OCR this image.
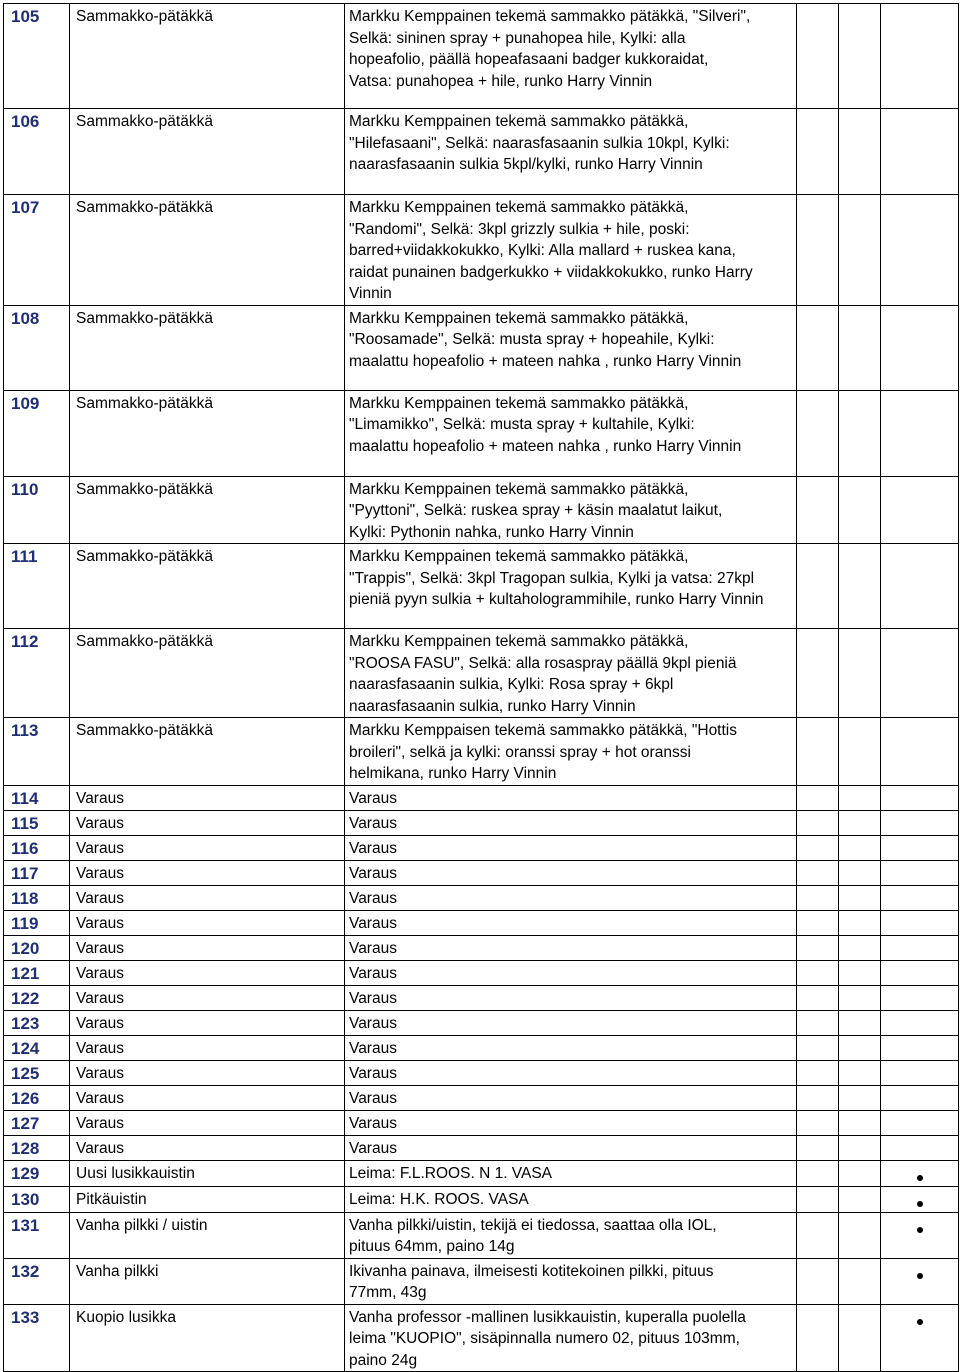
105	Sammakko-pätäkkä	Markku Kemppainen tekemä sammakko pätäkkä, "Silveri",
Selkä: sininen spray + punahopea hile, Kylki: alla
hopeafolio, päällä hopeafasaani badger kukkoraidat,
Vatsa: punahopea + hile, runko Harry Vinnin			

106	Sammakko-pätäkkä	Markku Kemppainen tekemä sammakko pätäkkä,
"Hilefasaani", Selkä: naarasfasaanin sulkia 10kpl, Kylki:
naarasfasaanin sulkia 5kpl/kylki, runko Harry Vinnin			

107	Sammakko-pätäkkä	Markku Kemppainen tekemä sammakko pätäkkä,
"Randomi", Selkä: 3kpl grizzly sulkia + hile, poski:
barred+viidakkokukko, Kylki: Alla mallard + ruskea kana,
raidat punainen badgerkukko + viidakkokukko, runko Harry
Vinnin			

108	Sammakko-pätäkkä	Markku Kemppainen tekemä sammakko pätäkkä,
"Roosamade", Selkä: musta spray + hopeahile, Kylki:
maalattu hopeafolio + mateen nahka , runko Harry Vinnin			

109	Sammakko-pätäkkä	Markku Kemppainen tekemä sammakko pätäkkä,
"Limamikko", Selkä: musta spray + kultahile, Kylki:
maalattu hopeafolio + mateen nahka , runko Harry Vinnin			

110	Sammakko-pätäkkä	Markku Kemppainen tekemä sammakko pätäkkä,
"Pyyttoni", Selkä: ruskea spray + käsin maalatut laikut,
Kylki: Pythonin nahka, runko Harry Vinnin			

111	Sammakko-pätäkkä	Markku Kemppainen tekemä sammakko pätäkkä,
"Trappis", Selkä: 3kpl Tragopan sulkia, Kylki ja vatsa: 27kpl
pieniä pyyn sulkia + kultahologrammihile, runko Harry Vinnin			

112	Sammakko-pätäkkä	Markku Kemppainen tekemä sammakko pätäkkä,
"ROOSA FASU", Selkä: alla rosaspray päällä 9kpl pieniä
naarasfasaanin sulkia, Kylki: Rosa spray + 6kpl
naarasfasaanin sulkia, runko Harry Vinnin			

113	Sammakko-pätäkkä	Markku Kemppaisen tekemä sammakko pätäkkä, "Hottis
broileri", selkä ja kylki: oranssi spray + hot oranssi
helmikana, runko Harry Vinnin			

114	Varaus	Varaus			

115	Varaus	Varaus			

116	Varaus	Varaus			

117	Varaus	Varaus			

118	Varaus	Varaus			

119	Varaus	Varaus			

120	Varaus	Varaus			

121	Varaus	Varaus			

122	Varaus	Varaus			

123	Varaus	Varaus			

124	Varaus	Varaus			

125	Varaus	Varaus			

126	Varaus	Varaus			

127	Varaus	Varaus			

128	Varaus	Varaus			

129	Uusi lusikkauistin	Leima: F.L.ROOS. N 1. VASA			

130	Pitkäuistin	Leima: H.K. ROOS. VASA			

131	Vanha pilkki / uistin	Vanha pilkki/uistin, tekijä ei tiedossa, saattaa olla IOL,
pituus 64mm, paino 14g			

132	Vanha pilkki	Ikivanha painava, ilmeisesti kotitekoinen pilkki, pituus
77mm, 43g			

133	Kuopio lusikka	Vanha professor -mallinen lusikkauistin, kuperalla puolella
leima "KUOPIO", sisäpinnalla numero 02, pituus 103mm,
paino 24g			
